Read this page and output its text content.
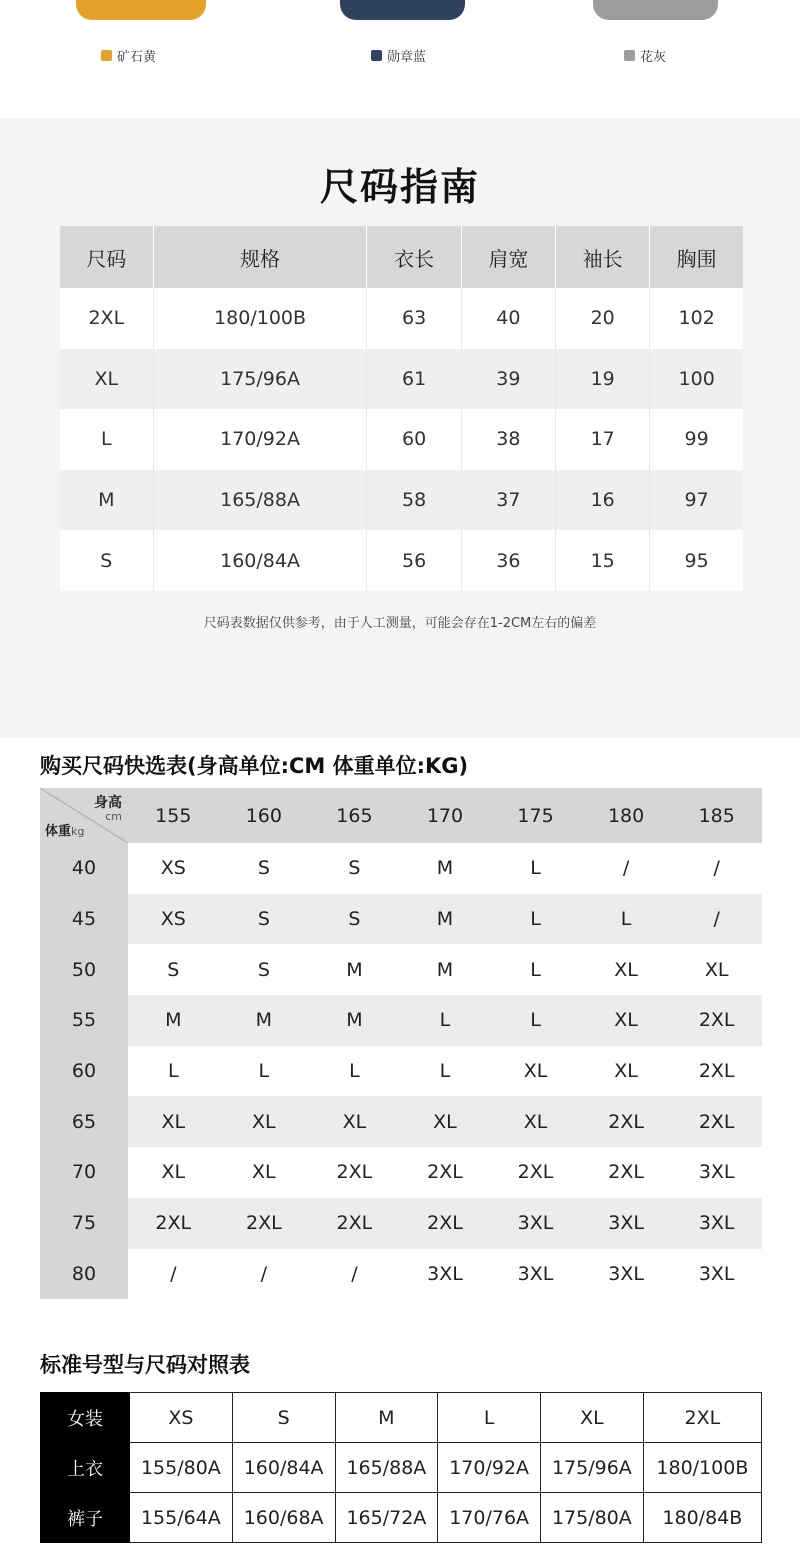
矿石黄	勋章蓝	花灰
尺码指南
尺码	规格	衣长	肩宽	袖长	胸围
2XL	180/100B	63	40	20	102
XL	175/96A	61	39	19	100
L	170/92A	60	38	17	99
M	165/88A	58	37	16	97
S	160/84A	56	36	15	95

尺码表数据仅供参考，由于人工测量，可能会存在1-2CM左右的偏差

购买尺码快选表(身高单位:CM 体重单位:KG)
身高
cm
体重kg	155	160	165	170	175	180	185
40	XS	S	S	M	L	/	/
45	XS	S	S	M	L	L	/
50	S	S	M	M	L	XL	XL
55	M	M	M	L	L	XL	2XL
60	L	L	L	L	XL	XL	2XL
65	XL	XL	XL	XL	XL	2XL	2XL
70	XL	XL	2XL	2XL	2XL	2XL	3XL
75	2XL	2XL	2XL	2XL	3XL	3XL	3XL
80	/	/	/	3XL	3XL	3XL	3XL
标准号型与尺码对照表
女装	XS	S	M	L	XL	2XL
上衣	155/80A	160/84A	165/88A	170/92A	175/96A	180/100B
裤子	155/64A	160/68A	165/72A	170/76A	175/80A	180/84B
